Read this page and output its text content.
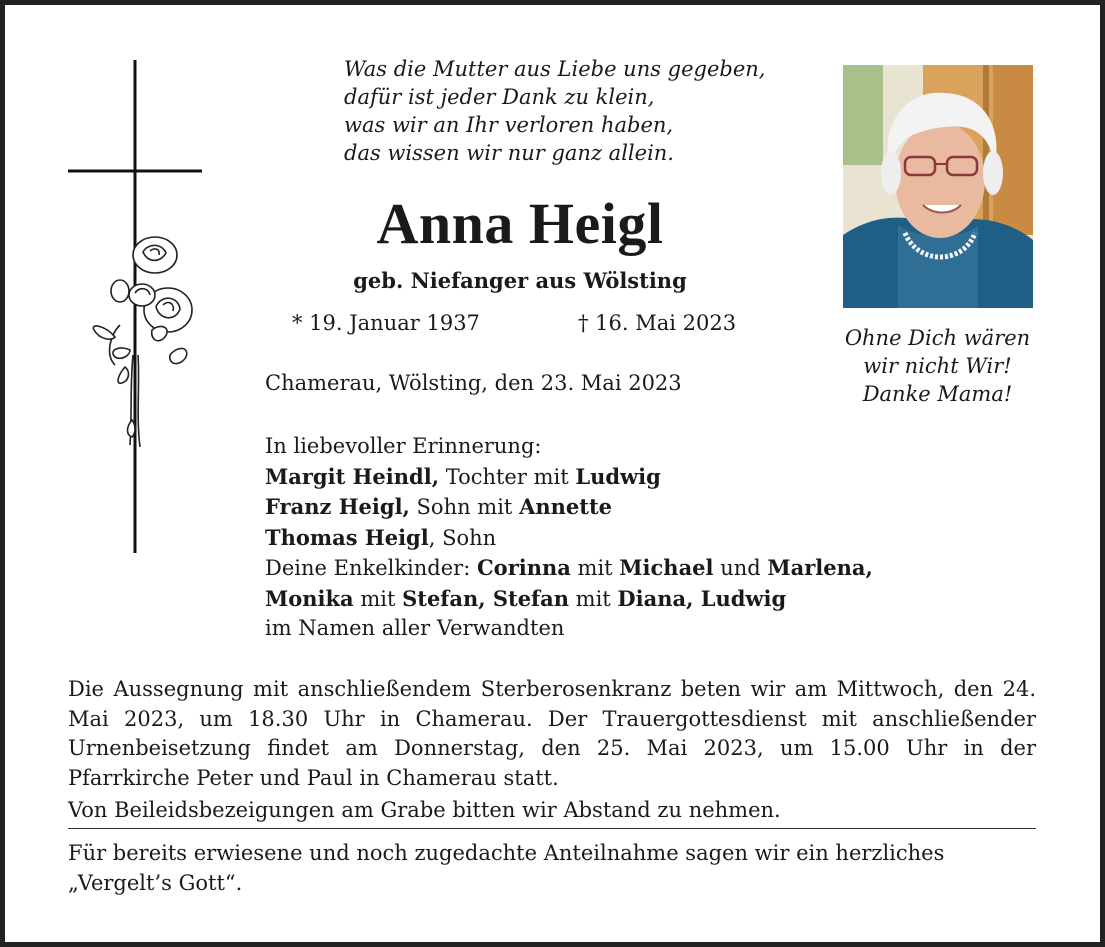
Was die Mutter aus Liebe uns gegeben,
dafür ist jeder Dank zu klein,
was wir an Ihr verloren haben,
das wissen wir nur ganz allein.
Anna Heigl
geb. Niefanger aus Wölsting
* 19. Januar 1937	† 16. Mai 2023
Chamerau, Wölsting, den 23. Mai 2023
In liebevoller Erinnerung:
Margit Heindl, Tochter mit Ludwig
Franz Heigl, Sohn mit Annette
Thomas Heigl, Sohn
Deine Enkelkinder: Corinna mit Michael und Marlena,
Monika mit Stefan, Stefan mit Diana, Ludwig
im Namen aller Verwandten
Ohne Dich wären
wir nicht Wir!
Danke Mama!

Die Aussegnung mit anschließendem Sterberosenkranz beten wir am Mittwoch, den 24. Mai 2023, um 18.30 Uhr in Chamerau. Der Trauergottesdienst mit anschließender Urnenbeisetzung findet am Donnerstag, den 25. Mai 2023, um 15.00 Uhr in der Pfarrkirche Peter und Paul in Chamerau statt.

Von Beileidsbezeigungen am Grabe bitten wir Abstand zu nehmen.

Für bereits erwiesene und noch zugedachte Anteilnahme sagen wir ein herzliches „Vergelt’s Gott“.
